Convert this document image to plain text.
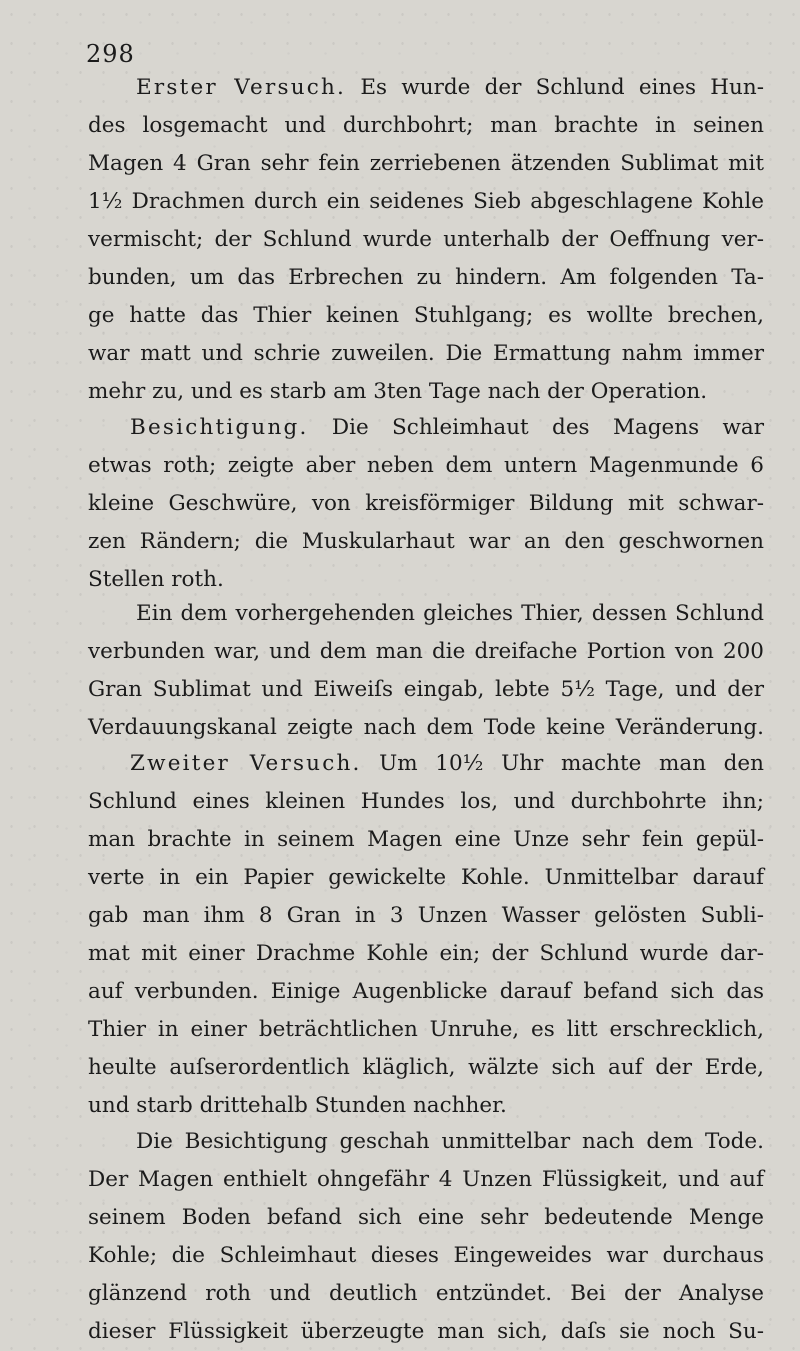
298
Erster Versuch. Es wurde der Schlund eines Hun-
des losgemacht und durchbohrt; man brachte in seinen
Magen 4 Gran sehr fein zerriebenen ätzenden Sublimat mit
1½ Drachmen durch ein seidenes Sieb abgeschlagene Kohle
vermischt; der Schlund wurde unterhalb der Oeffnung ver-
bunden, um das Erbrechen zu hindern. Am folgenden Ta-
ge hatte das Thier keinen Stuhlgang; es wollte brechen,
war matt und schrie zuweilen. Die Ermattung nahm immer
mehr zu, und es starb am 3ten Tage nach der Operation.
Besichtigung. Die Schleimhaut des Magens war
etwas roth; zeigte aber neben dem untern Magenmunde 6
kleine Geschwüre, von kreisförmiger Bildung mit schwar-
zen Rändern; die Muskularhaut war an den geschwornen
Stellen roth.
Ein dem vorhergehenden gleiches Thier, dessen Schlund
verbunden war, und dem man die dreifache Portion von 200
Gran Sublimat und Eiweiſs eingab, lebte 5½ Tage, und der
Verdauungskanal zeigte nach dem Tode keine Veränderung.
Zweiter Versuch. Um 10½ Uhr machte man den
Schlund eines kleinen Hundes los, und durchbohrte ihn;
man brachte in seinem Magen eine Unze sehr fein gepül-
verte in ein Papier gewickelte Kohle. Unmittelbar darauf
gab man ihm 8 Gran in 3 Unzen Wasser gelösten Subli-
mat mit einer Drachme Kohle ein; der Schlund wurde dar-
auf verbunden. Einige Augenblicke darauf befand sich das
Thier in einer beträchtlichen Unruhe, es litt erschrecklich,
heulte auſserordentlich kläglich, wälzte sich auf der Erde,
und starb drittehalb Stunden nachher.
Die Besichtigung geschah unmittelbar nach dem Tode.
Der Magen enthielt ohngefähr 4 Unzen Flüssigkeit, und auf
seinem Boden befand sich eine sehr bedeutende Menge
Kohle; die Schleimhaut dieses Eingeweides war durchaus
glänzend roth und deutlich entzündet. Bei der Analyse
dieser Flüssigkeit überzeugte man sich, daſs sie noch Su-
